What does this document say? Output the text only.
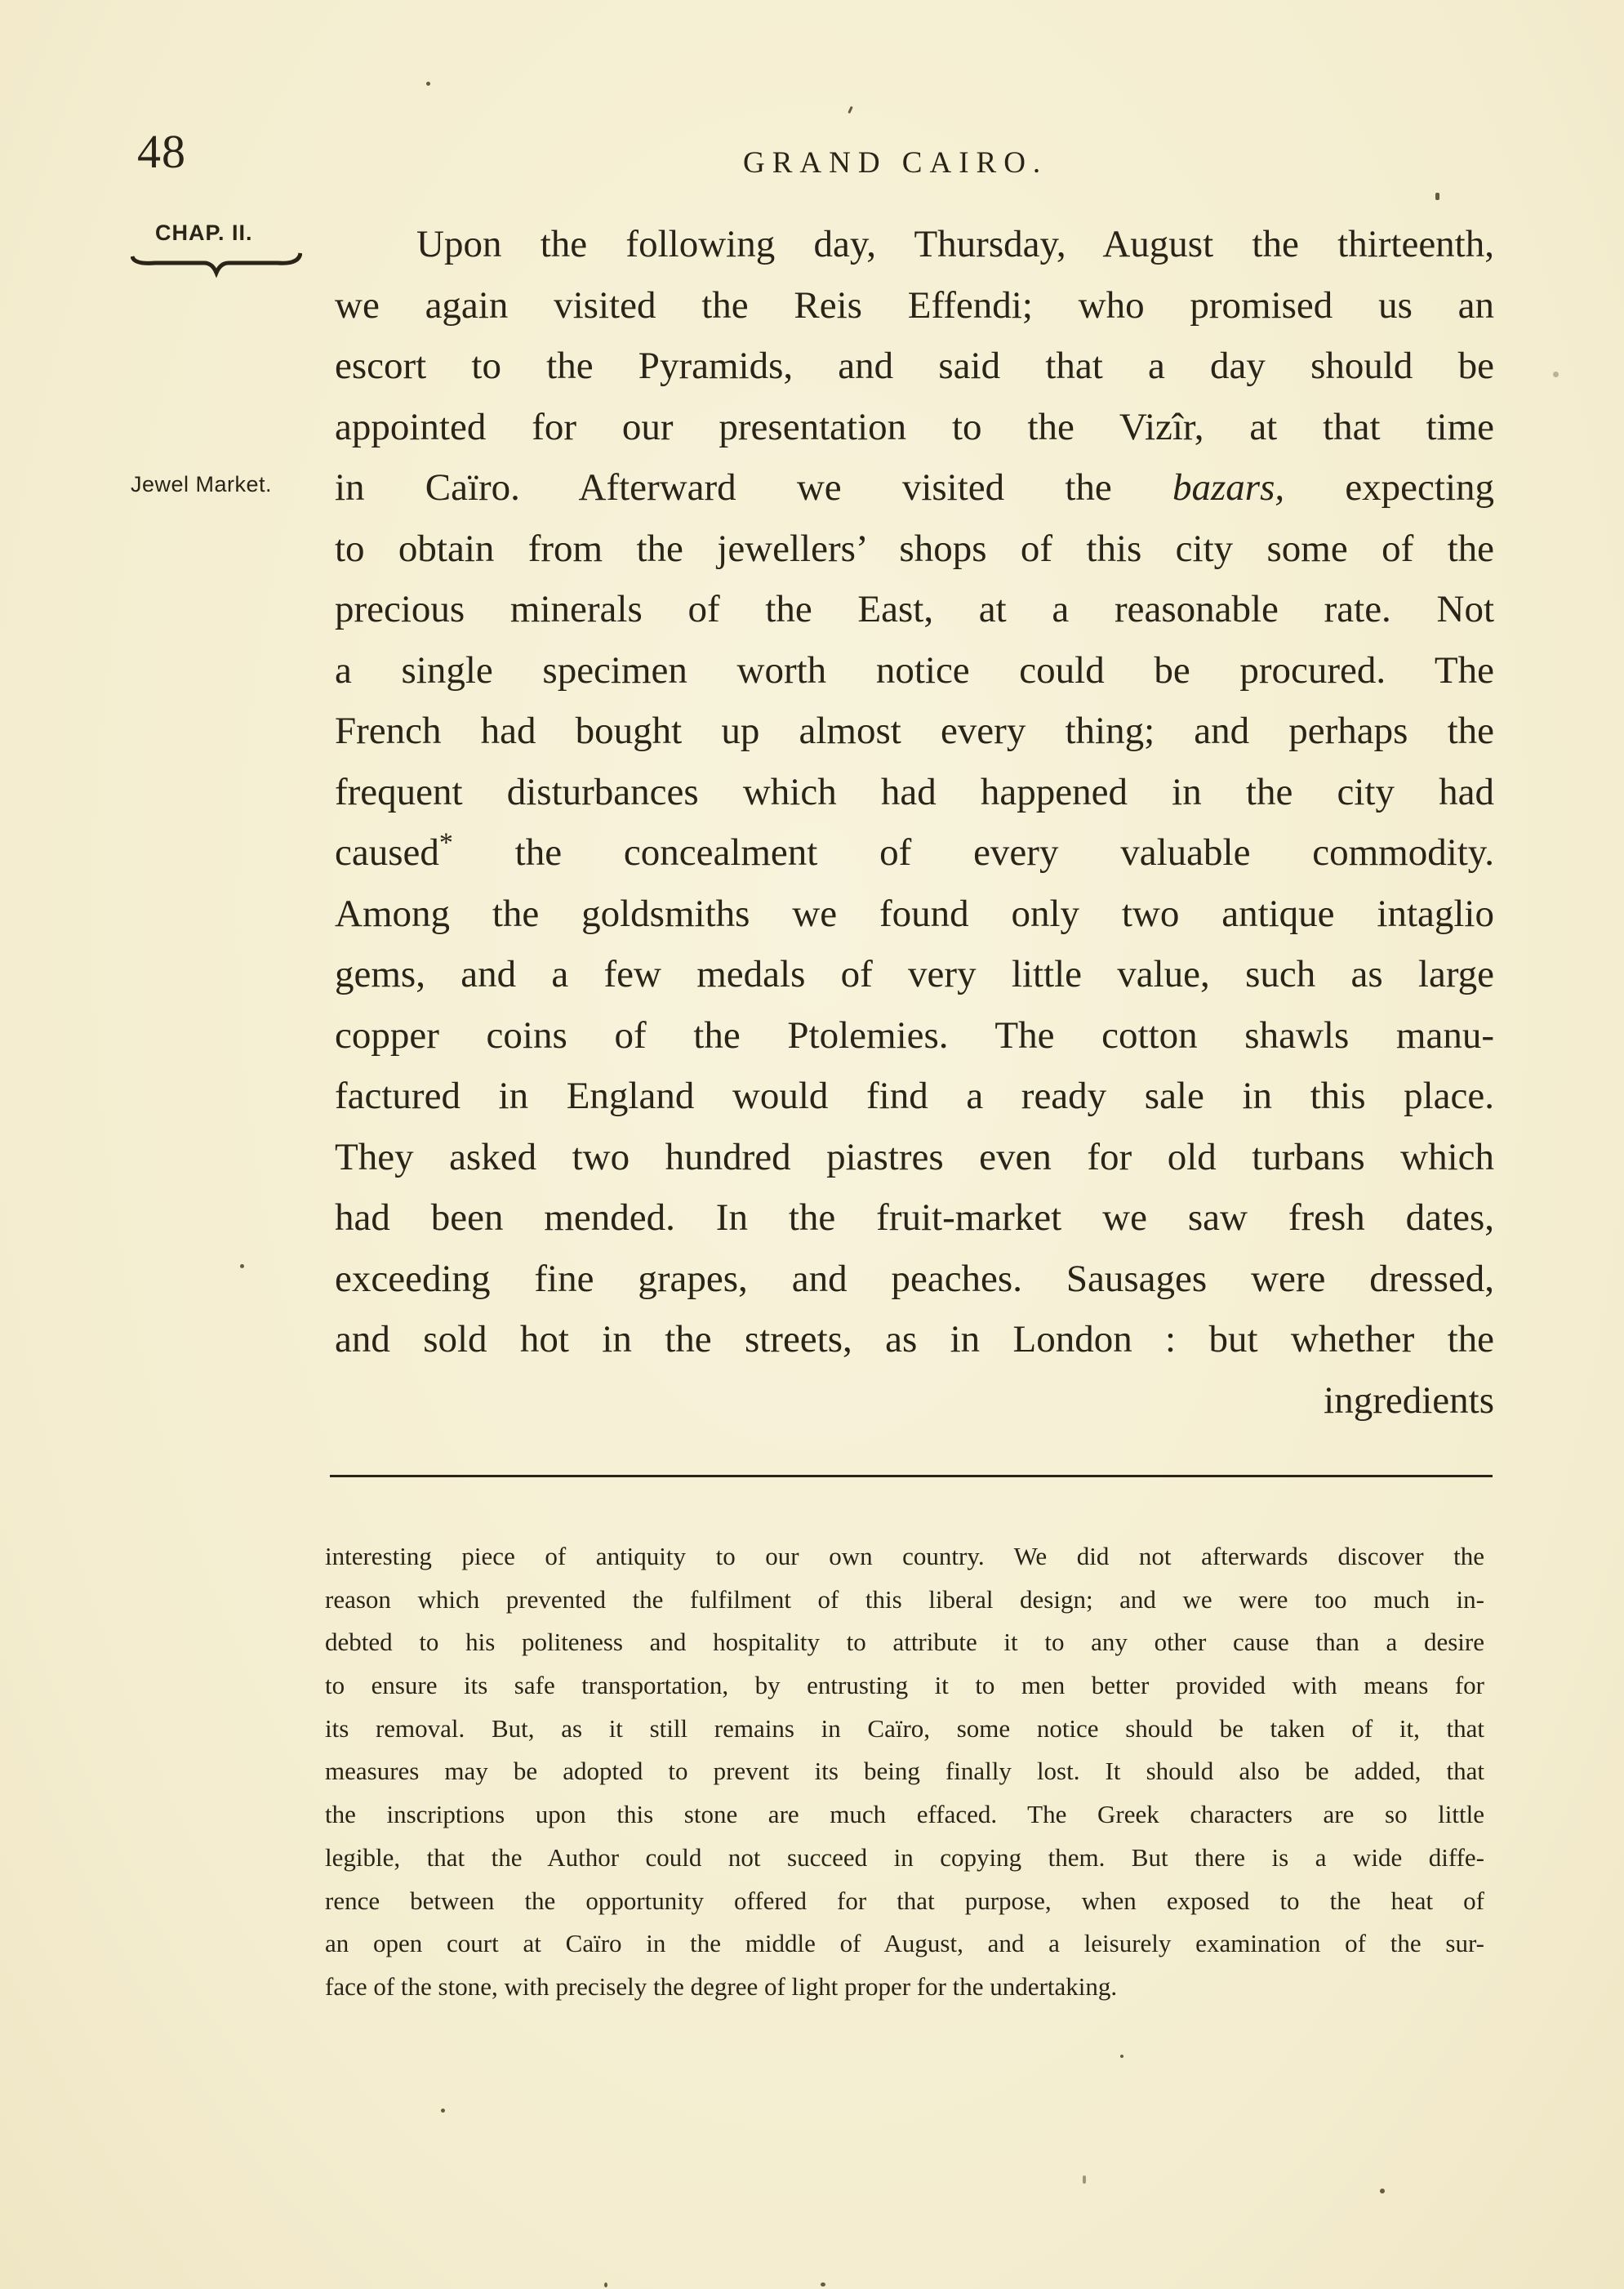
48	GRAND CAIRO.
CHAP. II.
Jewel Market.
Upon the following day, Thursday, August the thirteenth,
we again visited the Reis Effendi; who promised us an
escort to the Pyramids, and said that a day should be
appointed for our presentation to the Vizîr, at that time
in Caïro. Afterward we visited the bazars, expecting
to obtain from the jewellers’ shops of this city some of the
precious minerals of the East, at a reasonable rate. Not
a single specimen worth notice could be procured. The
French had bought up almost every thing; and perhaps the
frequent disturbances which had happened in the city had
caused* the concealment of every valuable commodity.
Among the goldsmiths we found only two antique intaglio
gems, and a few medals of very little value, such as large
copper coins of the Ptolemies. The cotton shawls manu-
factured in England would find a ready sale in this place.
They asked two hundred piastres even for old turbans which
had been mended. In the fruit-market we saw fresh dates,
exceeding fine grapes, and peaches. Sausages were dressed,
and sold hot in the streets, as in London : but whether the
ingredients
interesting piece of antiquity to our own country. We did not afterwards discover the
reason which prevented the fulfilment of this liberal design; and we were too much in-
debted to his politeness and hospitality to attribute it to any other cause than a desire
to ensure its safe transportation, by entrusting it to men better provided with means for
its removal. But, as it still remains in Caïro, some notice should be taken of it, that
measures may be adopted to prevent its being finally lost. It should also be added, that
the inscriptions upon this stone are much effaced. The Greek characters are so little
legible, that the Author could not succeed in copying them. But there is a wide diffe-
rence between the opportunity offered for that purpose, when exposed to the heat of
an open court at Caïro in the middle of August, and a leisurely examination of the sur-
face of the stone, with precisely the degree of light proper for the undertaking.
